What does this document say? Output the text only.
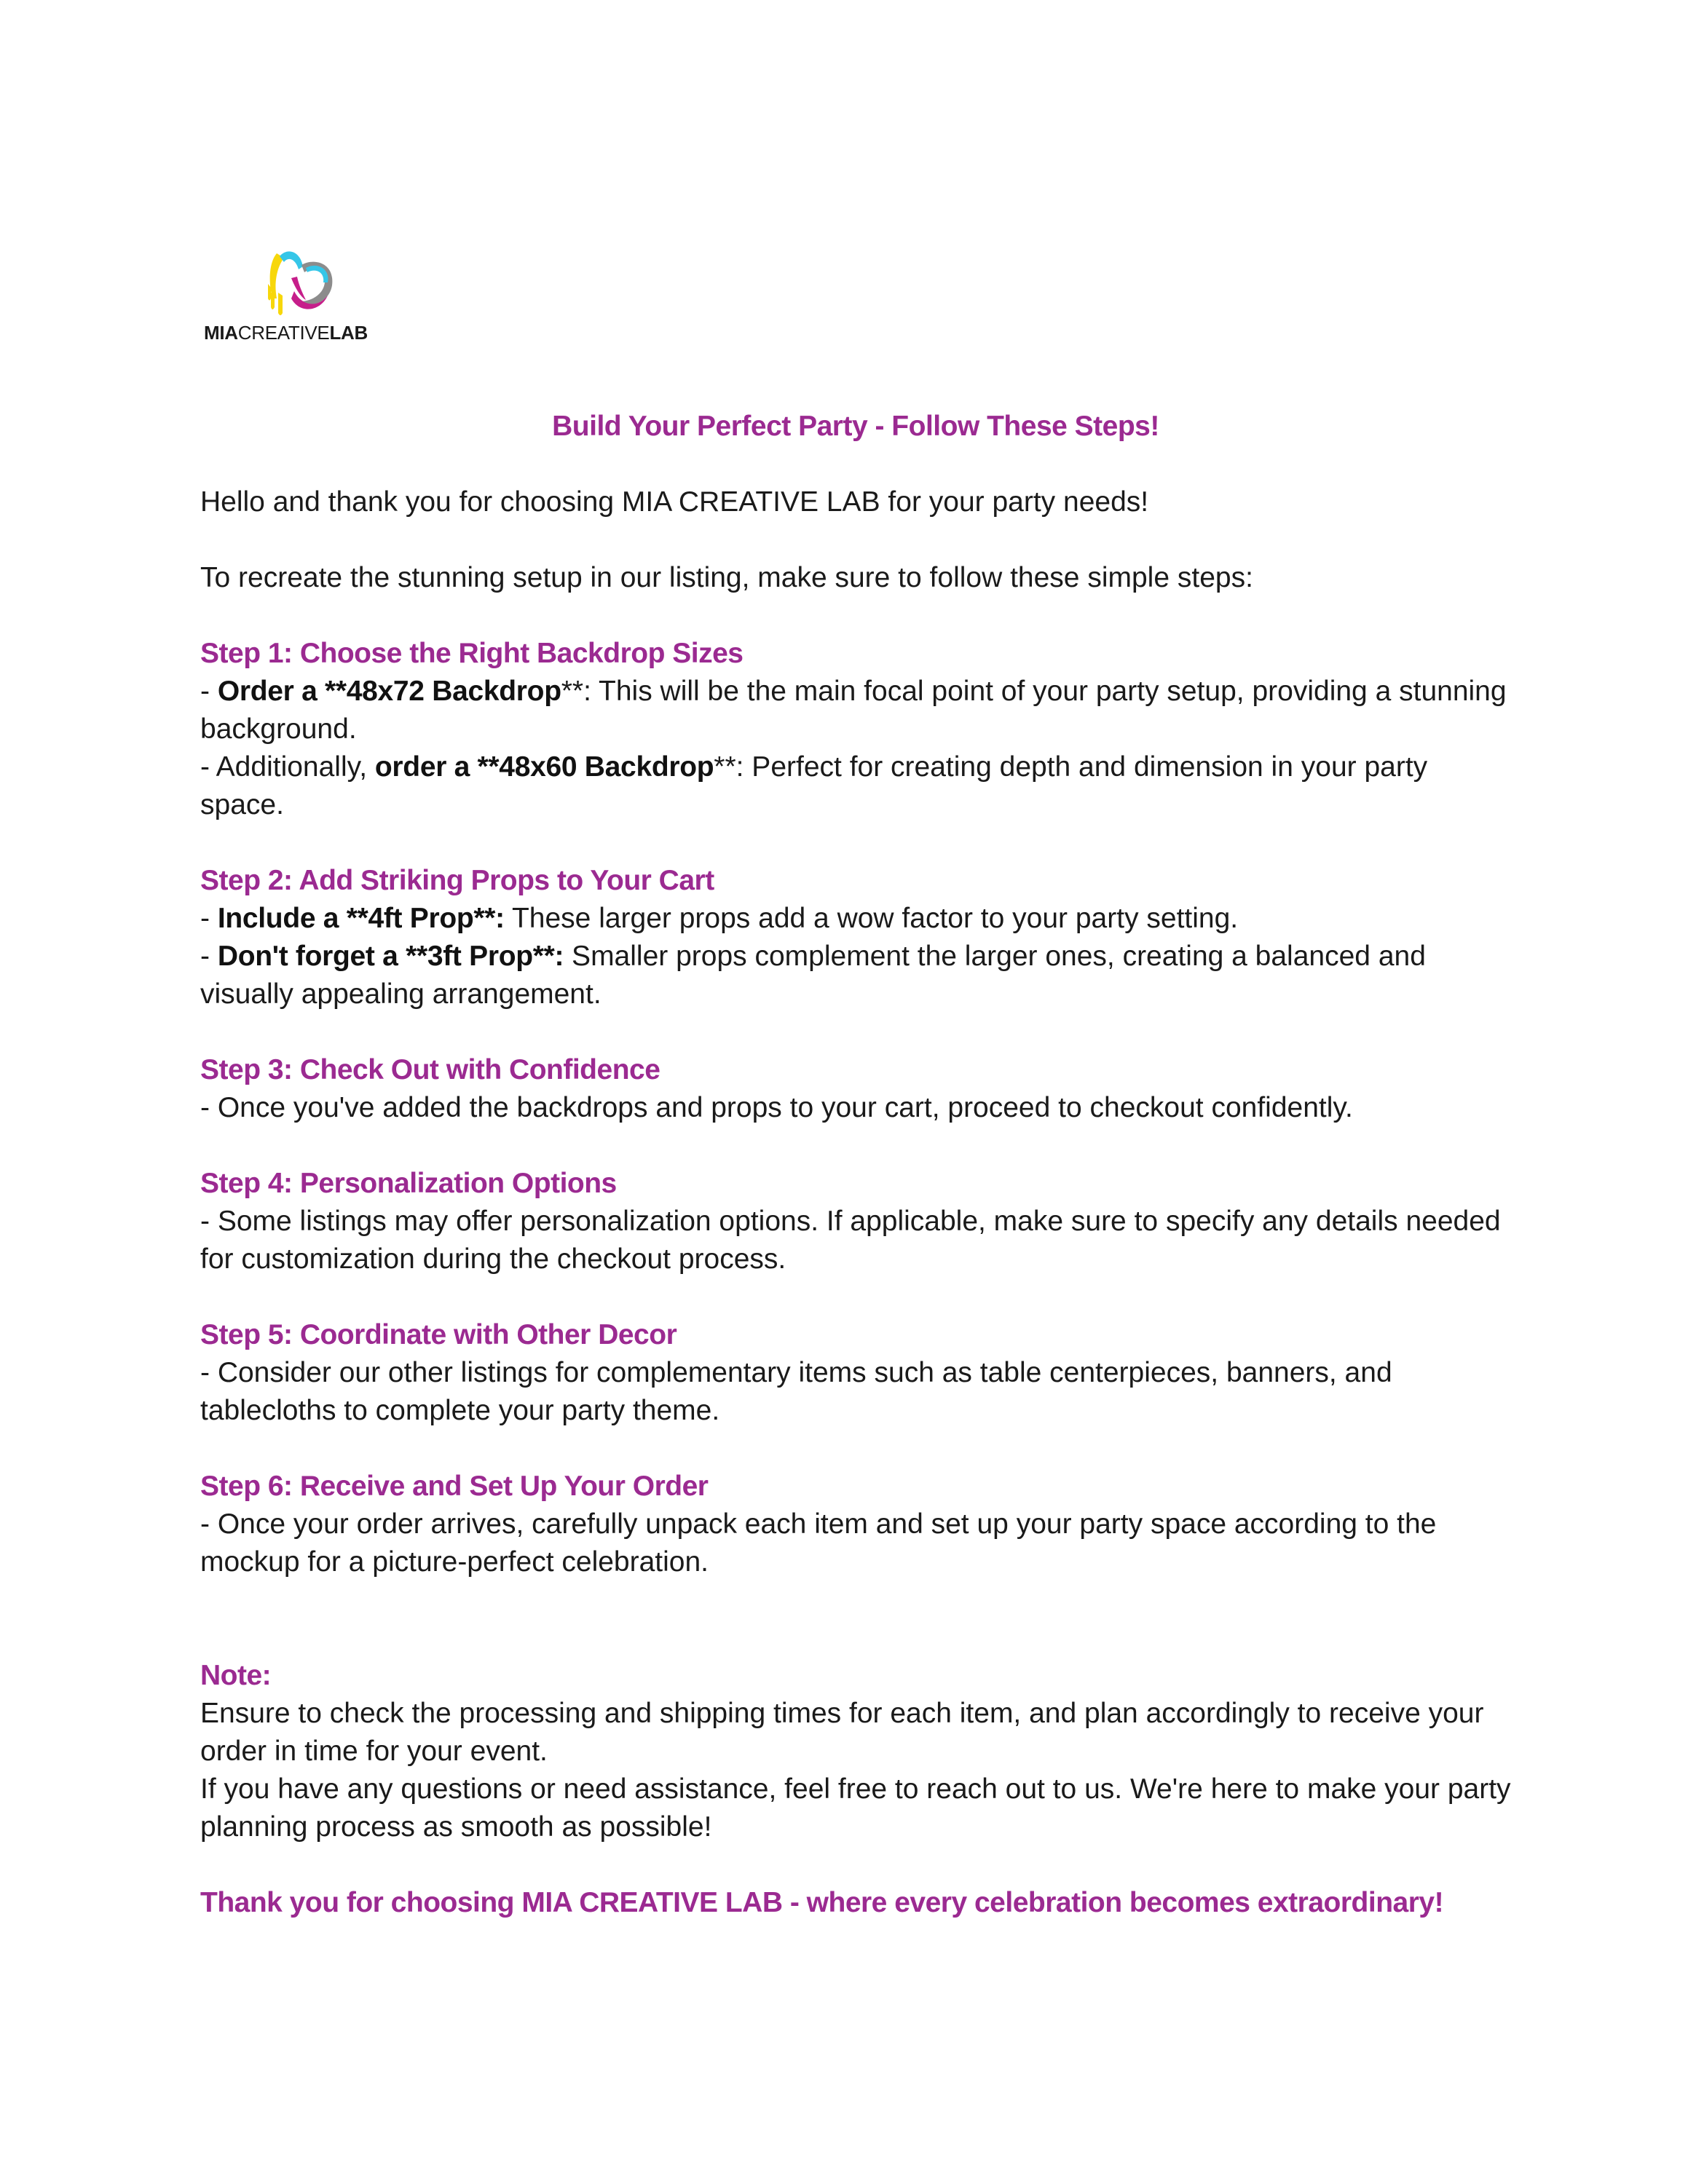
MIACREATIVELAB
Build Your Perfect Party - Follow These Steps!

Hello and thank you for choosing MIA CREATIVE LAB for your party needs!

To recreate the stunning setup in our listing, make sure to follow these simple steps:

Step 1: Choose the Right Backdrop Sizes

- Order a **48x72 Backdrop**: This will be the main focal point of your party setup, providing a stunning background.

- Additionally, order a **48x60 Backdrop**: Perfect for creating depth and dimension in your party space.

Step 2: Add Striking Props to Your Cart

- Include a **4ft Prop**: These larger props add a wow factor to your party setting.

- Don't forget a **3ft Prop**: Smaller props complement the larger ones, creating a balanced and visually appealing arrangement.

Step 3: Check Out with Confidence

- Once you've added the backdrops and props to your cart, proceed to checkout confidently.

Step 4: Personalization Options

- Some listings may offer personalization options. If applicable, make sure to specify any details needed for customization during the checkout process.

Step 5: Coordinate with Other Decor

- Consider our other listings for complementary items such as table centerpieces, banners, and tablecloths to complete your party theme.

Step 6: Receive and Set Up Your Order

- Once your order arrives, carefully unpack each item and set up your party space according to the mockup for a picture-perfect celebration.

Note:

Ensure to check the processing and shipping times for each item, and plan accordingly to receive your order in time for your event.

If you have any questions or need assistance, feel free to reach out to us. We're here to make your party planning process as smooth as possible!

Thank you for choosing MIA CREATIVE LAB - where every celebration becomes extraordinary!
